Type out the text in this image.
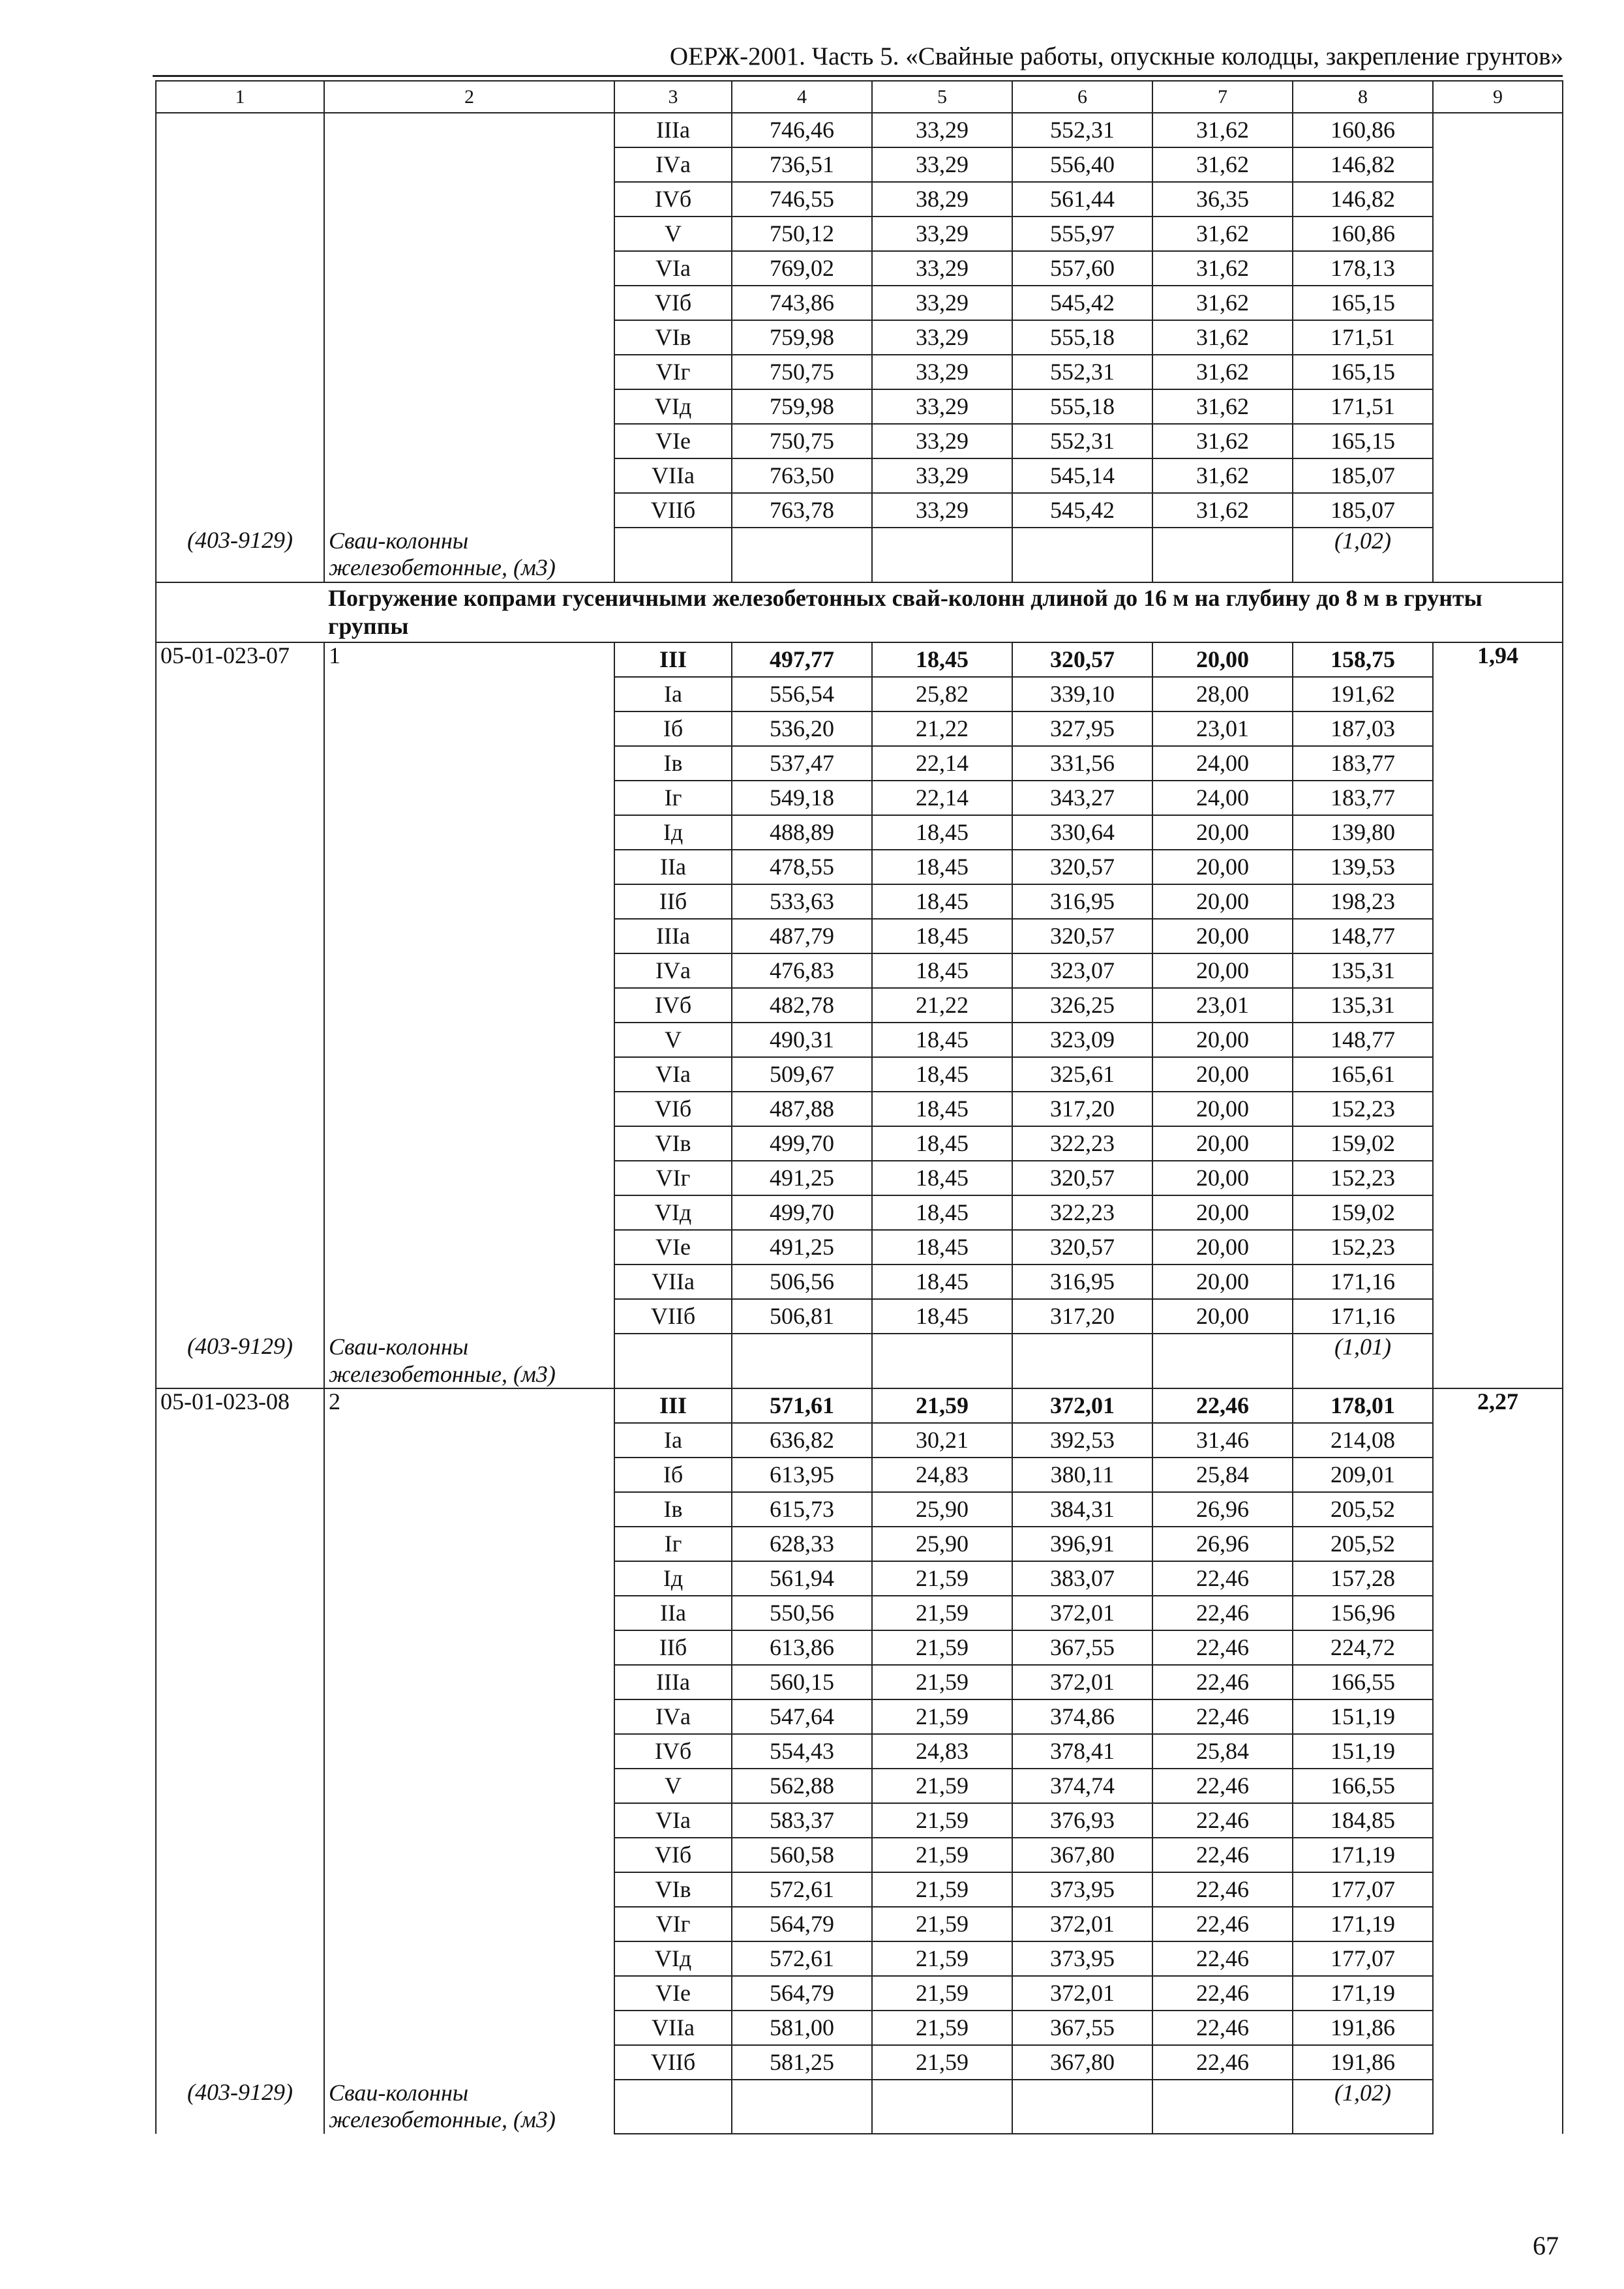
ОЕРЖ-2001. Часть 5. «Свайные работы, опускные колодцы, закрепление грунтов»
1	2	3	4	5	6	7	8	9
		IIIа	746,46	33,29	552,31	31,62	160,86	
		IVа	736,51	33,29	556,40	31,62	146,82	
		IVб	746,55	38,29	561,44	36,35	146,82	
		V	750,12	33,29	555,97	31,62	160,86	
		VIа	769,02	33,29	557,60	31,62	178,13	
		VIб	743,86	33,29	545,42	31,62	165,15	
		VIв	759,98	33,29	555,18	31,62	171,51	
		VIг	750,75	33,29	552,31	31,62	165,15	
		VIд	759,98	33,29	555,18	31,62	171,51	
		VIе	750,75	33,29	552,31	31,62	165,15	
		VIIа	763,50	33,29	545,14	31,62	185,07	
		VIIб	763,78	33,29	545,42	31,62	185,07	
(403-9129)	Сваи-колонны железобетонные, (м3)						(1,02)	
	Погружение копрами гусеничными железобетонных свай-колонн длиной до 16 м на глубину до 8 м в грунты группы							
05-01-023-07	1	III	497,77	18,45	320,57	20,00	158,75	1,94
		Iа	556,54	25,82	339,10	28,00	191,62	
		Iб	536,20	21,22	327,95	23,01	187,03	
		Iв	537,47	22,14	331,56	24,00	183,77	
		Iг	549,18	22,14	343,27	24,00	183,77	
		Iд	488,89	18,45	330,64	20,00	139,80	
		IIа	478,55	18,45	320,57	20,00	139,53	
		IIб	533,63	18,45	316,95	20,00	198,23	
		IIIа	487,79	18,45	320,57	20,00	148,77	
		IVа	476,83	18,45	323,07	20,00	135,31	
		IVб	482,78	21,22	326,25	23,01	135,31	
		V	490,31	18,45	323,09	20,00	148,77	
		VIа	509,67	18,45	325,61	20,00	165,61	
		VIб	487,88	18,45	317,20	20,00	152,23	
		VIв	499,70	18,45	322,23	20,00	159,02	
		VIг	491,25	18,45	320,57	20,00	152,23	
		VIд	499,70	18,45	322,23	20,00	159,02	
		VIе	491,25	18,45	320,57	20,00	152,23	
		VIIа	506,56	18,45	316,95	20,00	171,16	
		VIIб	506,81	18,45	317,20	20,00	171,16	
(403-9129)	Сваи-колонны железобетонные, (м3)						(1,01)	
05-01-023-08	2	III	571,61	21,59	372,01	22,46	178,01	2,27
		Iа	636,82	30,21	392,53	31,46	214,08	
		Iб	613,95	24,83	380,11	25,84	209,01	
		Iв	615,73	25,90	384,31	26,96	205,52	
		Iг	628,33	25,90	396,91	26,96	205,52	
		Iд	561,94	21,59	383,07	22,46	157,28	
		IIа	550,56	21,59	372,01	22,46	156,96	
		IIб	613,86	21,59	367,55	22,46	224,72	
		IIIа	560,15	21,59	372,01	22,46	166,55	
		IVа	547,64	21,59	374,86	22,46	151,19	
		IVб	554,43	24,83	378,41	25,84	151,19	
		V	562,88	21,59	374,74	22,46	166,55	
		VIа	583,37	21,59	376,93	22,46	184,85	
		VIб	560,58	21,59	367,80	22,46	171,19	
		VIв	572,61	21,59	373,95	22,46	177,07	
		VIг	564,79	21,59	372,01	22,46	171,19	
		VIд	572,61	21,59	373,95	22,46	177,07	
		VIе	564,79	21,59	372,01	22,46	171,19	
		VIIа	581,00	21,59	367,55	22,46	191,86	
		VIIб	581,25	21,59	367,80	22,46	191,86	
(403-9129)	Сваи-колонны железобетонные, (м3)						(1,02)	
67
